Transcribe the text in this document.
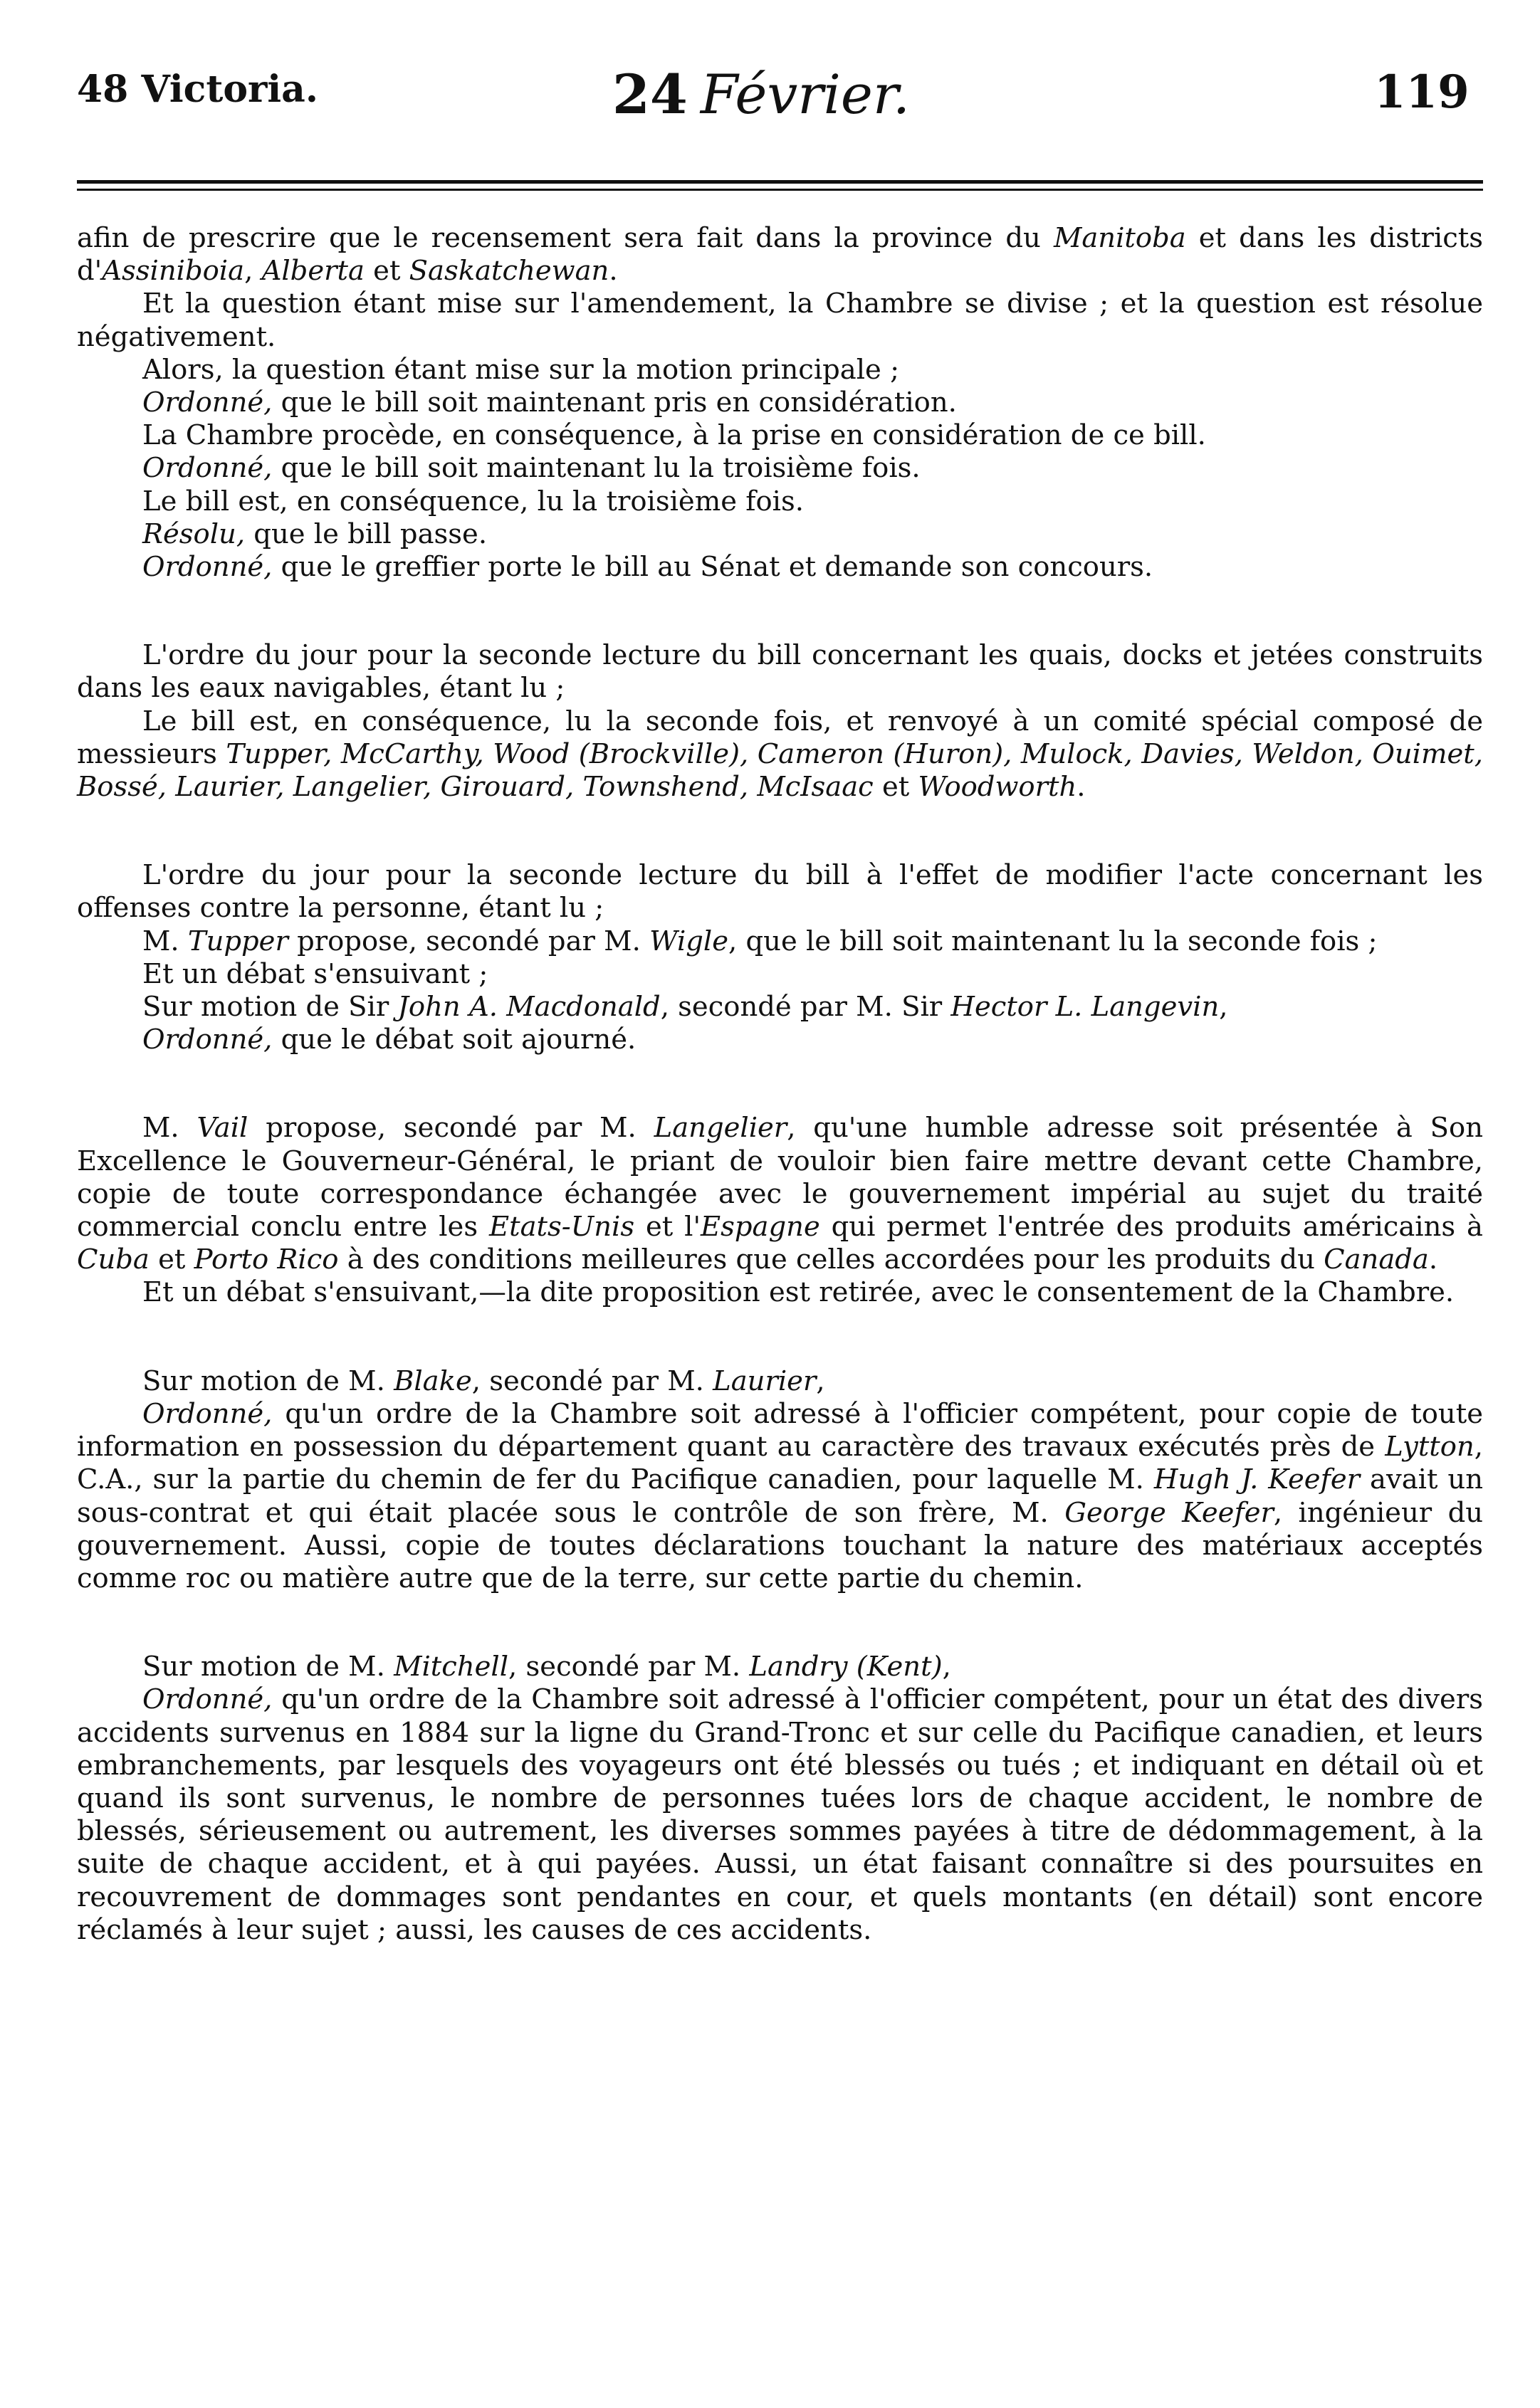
48 Victoria.	24 Février.	119

afin de prescrire que le recensement sera fait dans la province du Manitoba et dans les districts d'Assiniboia, Alberta et Saskatchewan.

Et la question étant mise sur l'amendement, la Chambre se divise ; et la question est résolue négativement.

Alors, la question étant mise sur la motion principale ;

Ordonné, que le bill soit maintenant pris en considération.

La Chambre procède, en conséquence, à la prise en considération de ce bill.

Ordonné, que le bill soit maintenant lu la troisième fois.

Le bill est, en conséquence, lu la troisième fois.

Résolu, que le bill passe.

Ordonné, que le greffier porte le bill au Sénat et demande son concours.

L'ordre du jour pour la seconde lecture du bill concernant les quais, docks et jetées construits dans les eaux navigables, étant lu ;

Le bill est, en conséquence, lu la seconde fois, et renvoyé à un comité spécial composé de messieurs Tupper, McCarthy, Wood (Brockville), Cameron (Huron), Mulock, Davies, Weldon, Ouimet, Bossé, Laurier, Langelier, Girouard, Townshend, McIsaac et Woodworth.

L'ordre du jour pour la seconde lecture du bill à l'effet de modifier l'acte concernant les offenses contre la personne, étant lu ;

M. Tupper propose, secondé par M. Wigle, que le bill soit maintenant lu la seconde fois ;

Et un débat s'ensuivant ;

Sur motion de Sir John A. Macdonald, secondé par M. Sir Hector L. Langevin,

Ordonné, que le débat soit ajourné.

M. Vail propose, secondé par M. Langelier, qu'une humble adresse soit présentée à Son Excellence le Gouverneur-Général, le priant de vouloir bien faire mettre devant cette Chambre, copie de toute correspondance échangée avec le gouvernement impérial au sujet du traité commercial conclu entre les Etats-Unis et l'Espagne qui permet l'entrée des produits américains à Cuba et Porto Rico à des conditions meilleures que celles accordées pour les produits du Canada.

Et un débat s'ensuivant,—la dite proposition est retirée, avec le consentement de la Chambre.

Sur motion de M. Blake, secondé par M. Laurier,

Ordonné, qu'un ordre de la Chambre soit adressé à l'officier compétent, pour copie de toute information en possession du département quant au caractère des travaux exécutés près de Lytton, C.A., sur la partie du chemin de fer du Pacifique canadien, pour laquelle M. Hugh J. Keefer avait un sous-contrat et qui était placée sous le contrôle de son frère, M. George Keefer, ingénieur du gouvernement. Aussi, copie de toutes déclarations touchant la nature des matériaux acceptés comme roc ou matière autre que de la terre, sur cette partie du chemin.

Sur motion de M. Mitchell, secondé par M. Landry (Kent),

Ordonné, qu'un ordre de la Chambre soit adressé à l'officier compétent, pour un état des divers accidents survenus en 1884 sur la ligne du Grand-Tronc et sur celle du Pacifique canadien, et leurs embranchements, par lesquels des voyageurs ont été blessés ou tués ; et indiquant en détail où et quand ils sont survenus, le nombre de personnes tuées lors de chaque accident, le nombre de blessés, sérieusement ou autrement, les diverses sommes payées à titre de dédommagement, à la suite de chaque accident, et à qui payées. Aussi, un état faisant connaître si des poursuites en recouvrement de dommages sont pendantes en cour, et quels montants (en détail) sont encore réclamés à leur sujet ; aussi, les causes de ces accidents.
